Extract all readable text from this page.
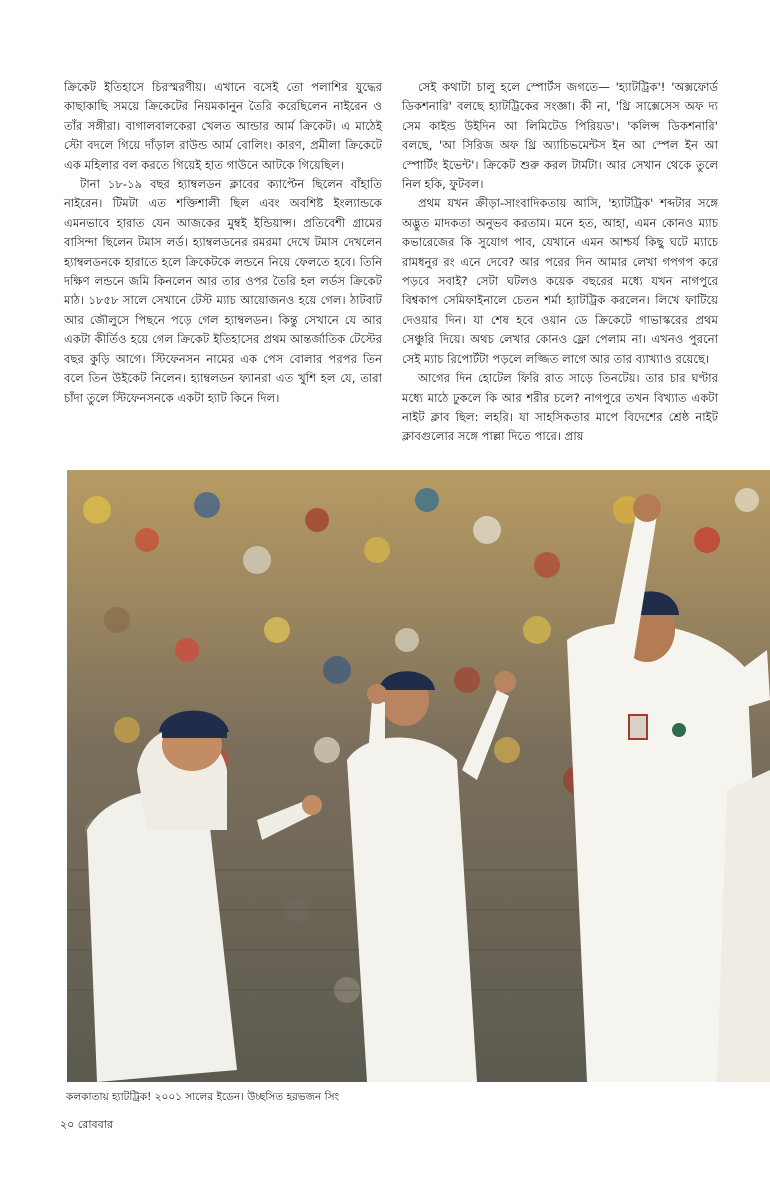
ক্রিকেট ইতিহাসে চিরস্মরণীয়। এখানে বসেই তো পলাশির যুদ্ধের কাছাকাছি সময়ে ক্রিকেটের নিয়মকানুন তৈরি করেছিলেন নাইরেন ও তাঁর সঙ্গীরা। বাগালবালকেরা খেলত আন্ডার আর্ম ক্রিকেট। এ মাঠেই স্টো বদলে গিয়ে দাঁড়াল রাউন্ড আর্ম বোলিং। কারণ, প্রমীলা ক্রিকেটে এক মহিলার বল করতে গিয়েই হাত গাউনে আটকে গিয়েছিল।

টানা ১৮-১৯ বছর হ্যাম্বলডন ক্লাবের ক্যাপ্টেন ছিলেন বাঁহাতি নাইরেন। টিমটা এত শক্তিশালী ছিল এবং অবশিষ্ট ইংল্যান্ডকে এমনভাবে হারাত যেন আজকের মুম্বই ইন্ডিয়ান্স। প্রতিবেশী গ্রামের বাসিন্দা ছিলেন টমাস লর্ড। হ্যাম্বলডনের রমরমা দেখে টমাস দেখলেন হ্যাম্বলডনকে হারাতে হলে ক্রিকেটকে লন্ডনে নিয়ে ফেলতে হবে। তিনি দক্ষিণ লন্ডনে জমি কিনলেন আর তার ওপর তৈরি হল লর্ডস ক্রিকেট মাঠ। ১৮৫৮ সালে সেখানে টেস্ট ম্যাচ আয়োজনও হয়ে গেল। ঠাটবাট আর জৌলুসে পিছনে পড়ে গেল হ্যাম্বলডন। কিন্তু সেখানে যে আর একটা কীর্তিও হয়ে গেল ক্রিকেট ইতিহাসের প্রথম আন্তর্জাতিক টেস্টের বছর কুড়ি আগে। স্টিফেনসন নামের এক পেস বোলার পরপর তিন বলে তিন উইকেট নিলেন। হ্যাম্বলডন ফ্যানরা এত খুশি হল যে, তারা চাঁদা তুলে স্টিফেনসনকে একটা হ্যাট কিনে দিল।

সেই কথাটা চালু হলে স্পোর্টস জগতে— 'হ্যাটট্রিক'! 'অক্সফোর্ড ডিকশনারি' বলছে হ্যাটট্রিকের সংজ্ঞা। কী না, 'থ্রি সাক্সেসেস অফ দ্য সেম কাইন্ড উইদিন আ লিমিটেড পিরিয়ড'। 'কলিন্স ডিকশনারি' বলছে, 'আ সিরিজ অফ থ্রি অ্যাচিভমেন্টস ইন আ স্পেল ইন আ স্পোর্টিং ইভেন্ট'। ক্রিকেট শুরু করল টার্মটা। আর সেখান থেকে তুলে নিল হকি, ফুটবল।

প্রথম যখন ক্রীড়া-সাংবাদিকতায় আসি, 'হ্যাটট্রিক' শব্দটার সঙ্গে অদ্ভুত মাদকতা অনুভব করতাম। মনে হত, আহা, এমন কোনও ম্যাচ কভারেজের কি সুযোগ পাব, যেখানে এমন আশ্চর্য কিছু ঘটে ম্যাচে রামধনুর রং এনে দেবে? আর পরের দিন আমার লেখা গপগপ করে পড়বে সবাই? সেটা ঘটলও কয়েক বছরের মধ্যে যখন নাগপুরে বিশ্বকাপ সেমিফাইনালে চেতন শর্মা হ্যাটট্রিক করলেন। লিখে ফাটিয়ে দেওয়ার দিন। যা শেষ হবে ওয়ান ডে ক্রিকেটে গাভাস্করের প্রথম সেঞ্চুরি দিয়ে। অথচ লেখার কোনও ফ্লো পেলাম না। এখনও পুরনো সেই ম্যাচ রিপোর্টটা পড়লে লজ্জিত লাগে আর তার ব্যাখ্যাও রয়েছে।

আগের দিন হোটেল ফিরি রাত সাড়ে তিনটেয়। তার চার ঘণ্টার মধ্যে মাঠে ঢুকলে কি আর শরীর চলে? নাগপুরে তখন বিখ্যাত একটা নাইট ক্লাব ছিল: লহরি। যা সাহসিকতার মাপে বিদেশের শ্রেষ্ঠ নাইট ক্লাবগুলোর সঙ্গে পাল্লা দিতে পারে। প্রায়

কলকাতায় হ্যাটট্রিক! ২০০১ সালের ইডেন। উচ্ছসিত হরভজন সিং
২০ রোববার
